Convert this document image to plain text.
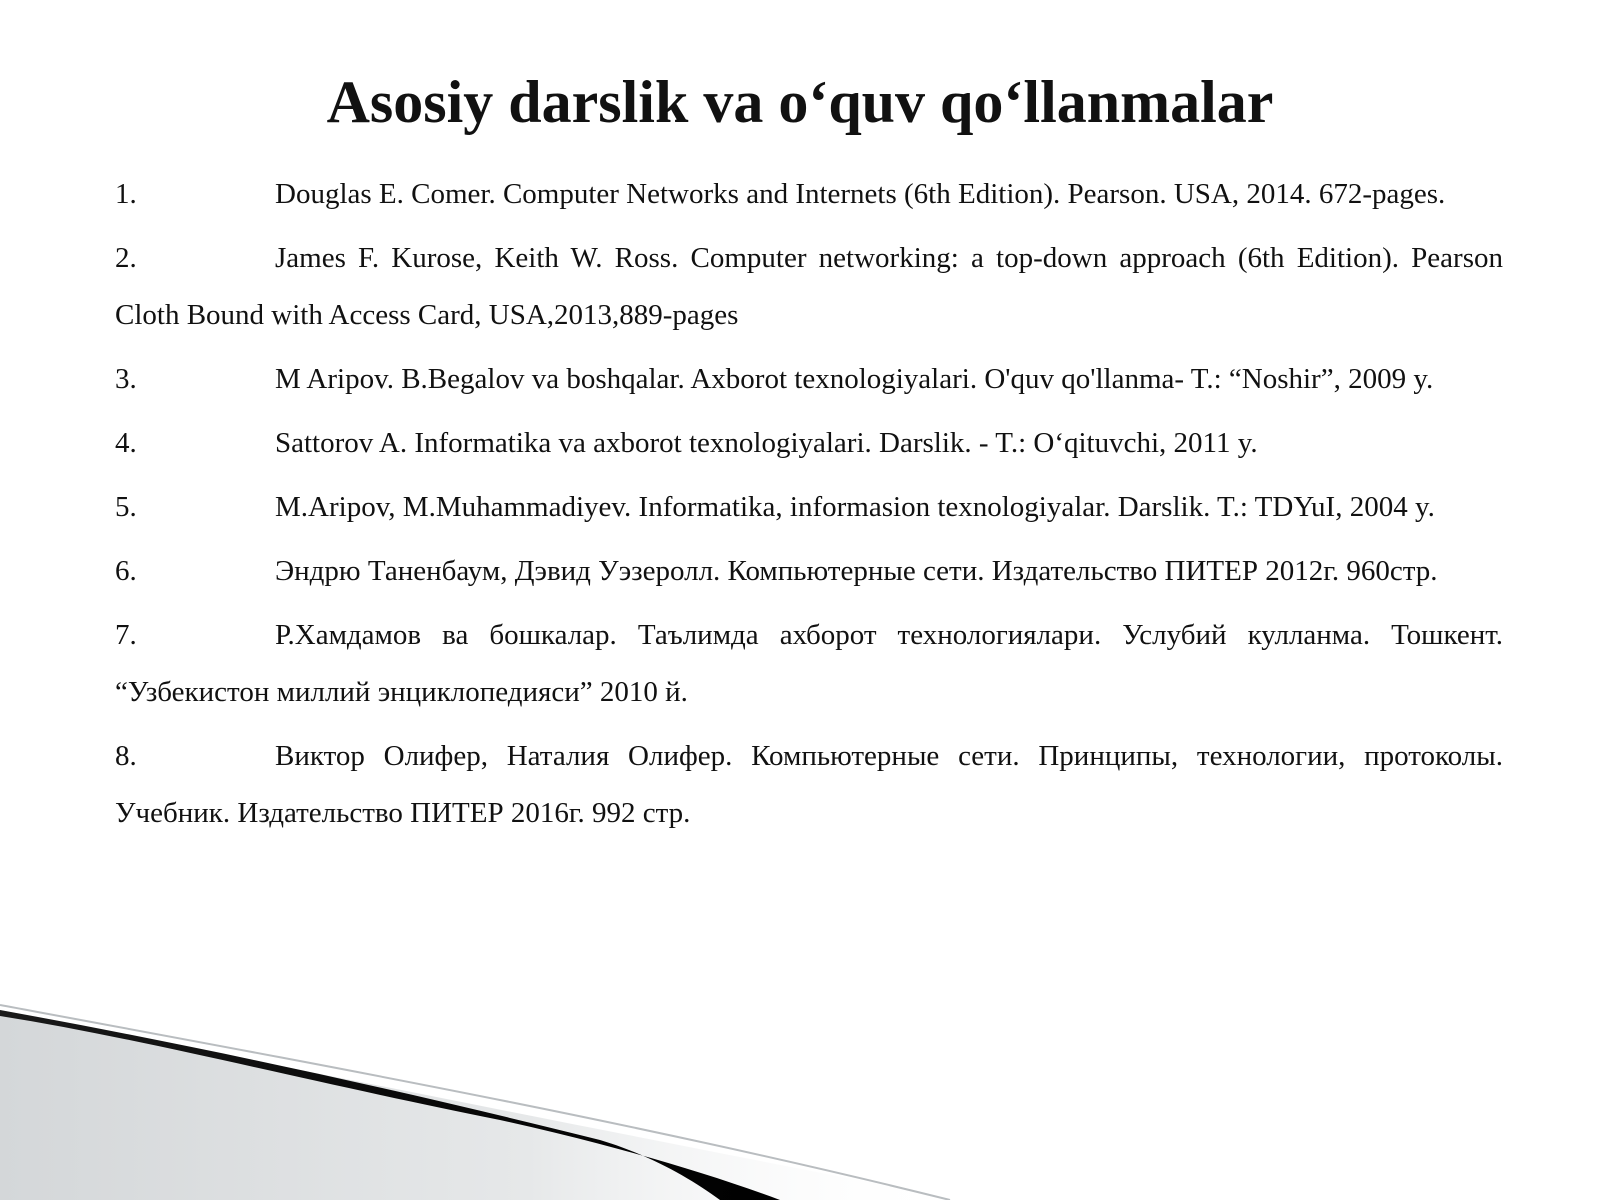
Asosiy darslik va o‘quv qo‘llanmalar
1.	Douglas E. Comer. Computer Networks and Internets (6th Edition). Pearson. USA, 2014. 672-pages.
2.	James F. Kurose, Keith W. Ross. Computer networking: a top-down approach (6th Edition). Pearson Cloth Bound with Access Card, USA,2013,889-pages
3.	M Aripov. B.Begalov va boshqalar. Axborot texnologiyalari. O'quv qo'llanma- T.: “Noshir”, 2009 y.
4.	Sattorov A. Informatika va axborot texnologiyalari. Darslik. - T.: O‘qituvchi, 2011 y.
5.	M.Aripov, M.Muhammadiyev. Informatika, informasion texnologiyalar. Darslik. T.: TDYuI, 2004 y.
6.	Эндрю Таненбаум, Дэвид Уэзеролл. Компьютерные сети. Издательство ПИТЕР 2012г. 960стр.
7.	Р.Хамдамов ва бошкалар. Таълимда ахборот технологиялари. Услубий кулланма. Тошкент. “Узбекистон миллий энциклопедияси” 2010 й.
8.	Виктор Олифер, Наталия Олифер. Компьютерные сети. Принципы, технологии, протоколы. Учебник. Издательство ПИТЕР 2016г. 992 стр.
